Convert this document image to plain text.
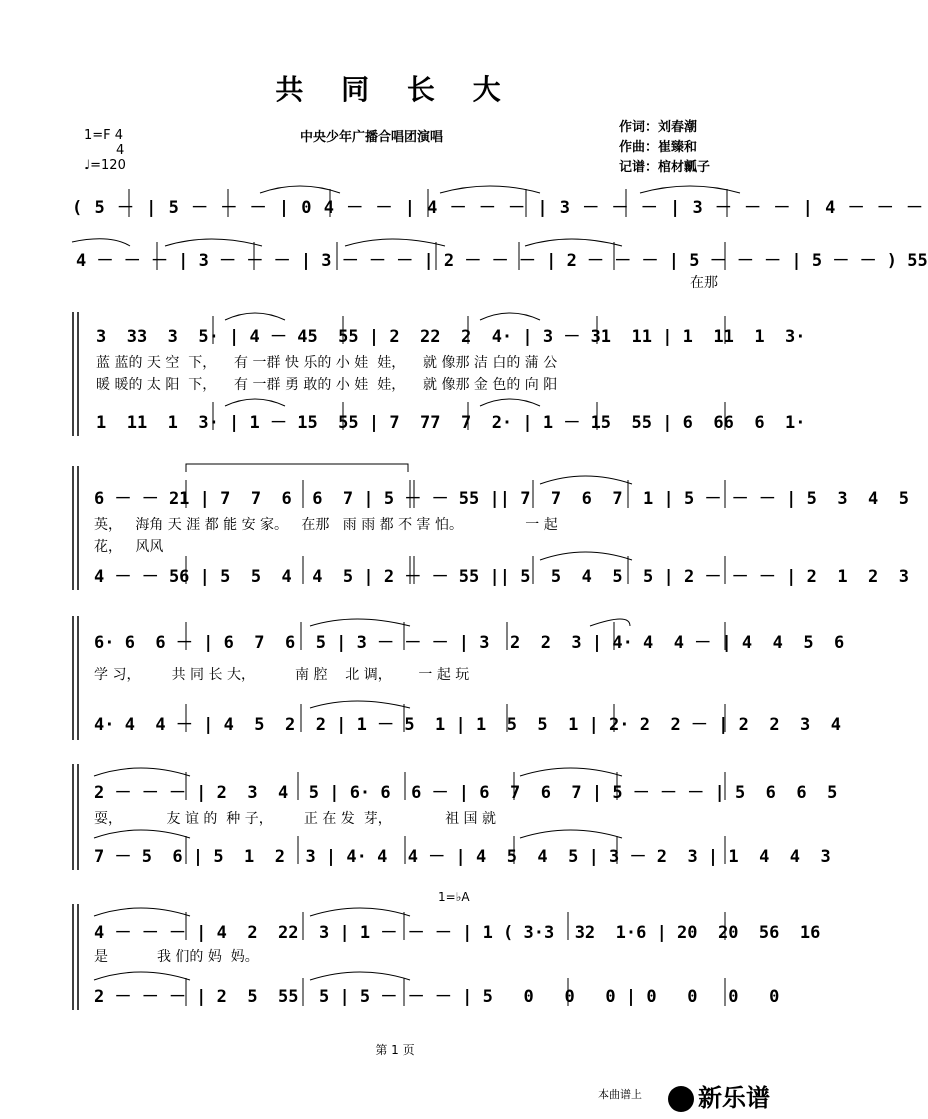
共 同 长 大
中央少年广播合唱团演唱
作词：刘春潮
作曲：崔臻和
记谱：棺材瓤子
1=F 4
4
♩=120
( 5 － | 5 － － － | 0 4 － － | 4 － － － | 3 － － － | 3 － － － | 4 － － －
4 － － － | 3 － － － | 3 － － － | 2 － － － | 2 － － － | 5 － － － | 5 － － ) 55
在那
3  33  3  5· | 4 － 45  55 | 2  22  2  4· | 3 － 31  11 | 1  11  1  3·
蓝 蓝的 天 空  下，    有 一群 快 乐的 小 娃  娃，    就 像那 洁 白的 蒲 公
暖 暖的 太 阳  下，    有 一群 勇 敢的 小 娃  娃，    就 像那 金 色的 向 阳
1  11  1  3· | 1 － 15  55 | 7  77  7  2· | 1 － 15  55 | 6  66  6  1·
6 － － 21 | 7  7  6  6  7 | 5 － － 55 || 7  7  6  7  1 | 5 － － － | 5  3  4  5
英，   海角 天 涯 都 能 安 家。   在那   雨 雨 都 不 害 怕。              一 起
花，   风风
4 － － 56 | 5  5  4  4  5 | 2 － － 55 || 5  5  4  5  5 | 2 － － － | 2  1  2  3
6· 6  6 － | 6  7  6  5 | 3 － － － | 3  2  2  3 | 4· 4  4 － | 4  4  5  6
学 习，       共 同 长 大，         南 腔    北 调，      一 起 玩
4· 4  4 － | 4  5  2  2 | 1 － 5  1 | 1  5  5  1 | 2· 2  2 － | 2  2  3  4
2 － － － | 2  3  4  5 | 6· 6  6 － | 6  7  6  7 | 5 － － － | 5  6  6  5
耍，          友 谊 的  种 子，       正 在 发  芽，            祖 国 就
7 － 5  6 | 5  1  2  3 | 4· 4  4 － | 4  5  4  5 | 3 － 2  3 | 1  4  4  3
1=♭A
4 － － － | 4  2  22  3 | 1 － － － | 1 ( 3·3  32  1·6 | 20  20  56  16
是           我 们的 妈  妈。
2 － － － | 2  5  55  5 | 5 － － － | 5   0   0   0 | 0   0   0   0
第 1 页
本曲谱上	新乐谱
